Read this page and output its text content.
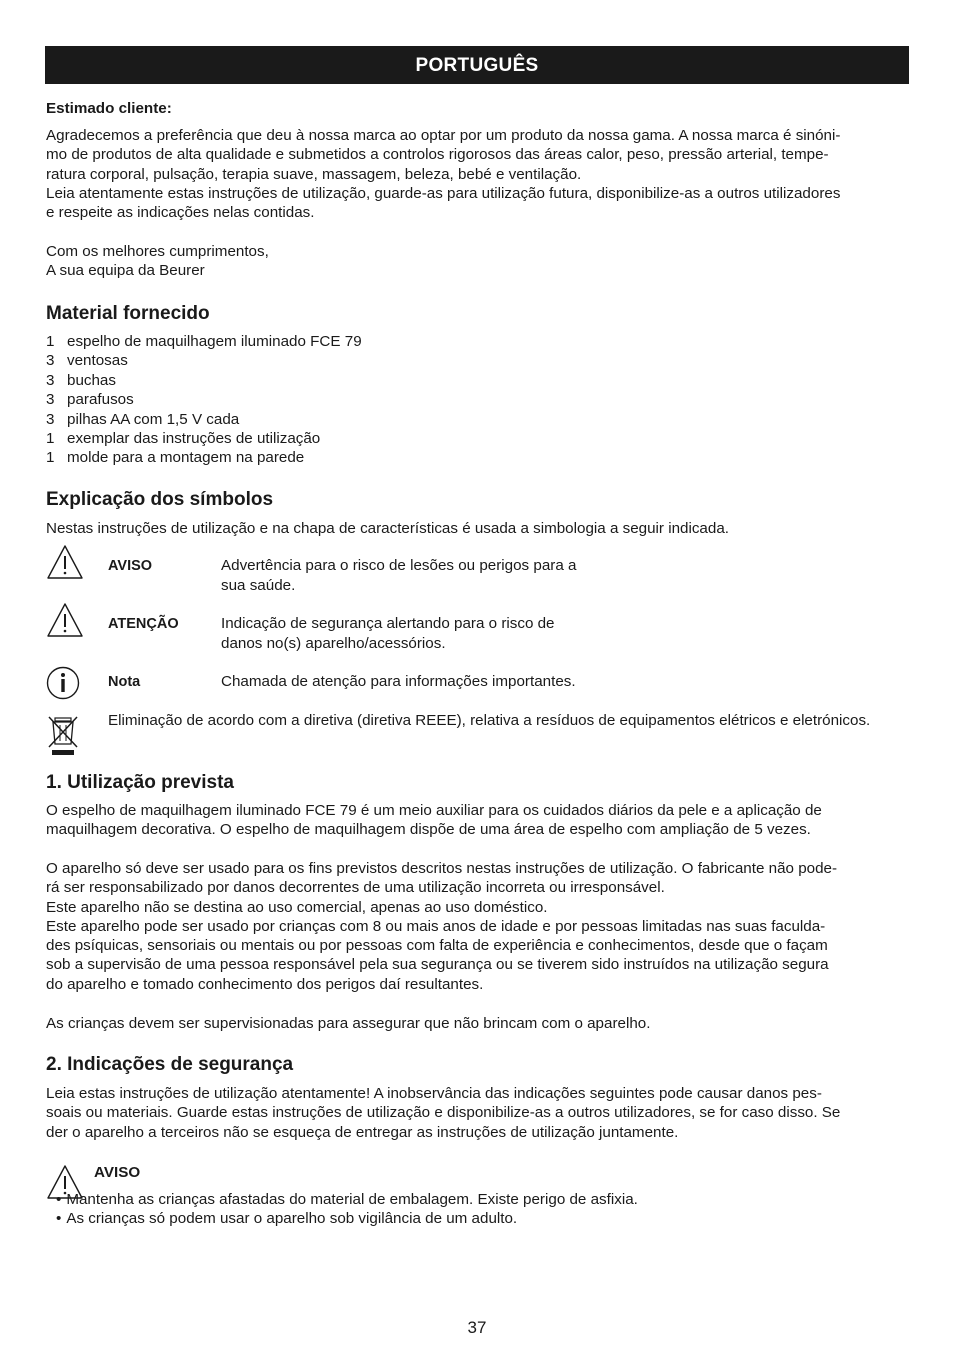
PORTUGUÊS

Estimado cliente:

Agradecemos a preferência que deu à nossa marca ao optar por um produto da nossa gama. A nossa marca é sinóni-
mo de produtos de alta qualidade e submetidos a controlos rigorosos das áreas calor, peso, pressão arterial, tempe-
ratura corporal, pulsação, terapia suave, massagem, beleza, bebé e ventilação.
Leia atentamente estas instruções de utilização, guarde-as para utilização futura, disponibilize-as a outros utilizadores
e respeite as indicações nelas contidas.
Com os melhores cumprimentos,
A sua equipa da Beurer
Material fornecido
1 espelho de maquilhagem iluminado FCE 79
3 ventosas
3 buchas
3 parafusos
3 pilhas AA com 1,5 V cada
1 exemplar das instruções de utilização
1 molde para a montagem na parede
Explicação dos símbolos

Nestas instruções de utilização e na chapa de características é usada a simbologia a seguir indicada.

AVISO	Advertência para o risco de lesões ou perigos para a
sua saúde.
ATENÇÃO	Indicação de segurança alertando para o risco de
danos no(s) aparelho/acessórios.
Nota	Chamada de atenção para informações importantes.
Eliminação de acordo com a diretiva (diretiva REEE), relativa a resíduos de equipamentos elétricos e eletrónicos.
1. Utilização prevista
O espelho de maquilhagem iluminado FCE 79 é um meio auxiliar para os cuidados diários da pele e a aplicação de
maquilhagem decorativa. O espelho de maquilhagem dispõe de uma área de espelho com ampliação de 5 vezes.
O aparelho só deve ser usado para os fins previstos descritos nestas instruções de utilização. O fabricante não pode-
rá ser responsabilizado por danos decorrentes de uma utilização incorreta ou irresponsável.
Este aparelho não se destina ao uso comercial, apenas ao uso doméstico.
Este aparelho pode ser usado por crianças com 8 ou mais anos de idade e por pessoas limitadas nas suas faculda-
des psíquicas, sensoriais ou mentais ou por pessoas com falta de experiência e conhecimentos, desde que o façam
sob a supervisão de uma pessoa responsável pela sua segurança ou se tiverem sido instruídos na utilização segura
do aparelho e tomado conhecimento dos perigos daí resultantes.

As crianças devem ser supervisionadas para assegurar que não brincam com o aparelho.

2. Indicações de segurança
Leia estas instruções de utilização atentamente! A inobservância das indicações seguintes pode causar danos pes-
soais ou materiais. Guarde estas instruções de utilização e disponibilize-as a outros utilizadores, se for caso disso. Se
der o aparelho a terceiros não se esqueça de entregar as instruções de utilização juntamente.
AVISO
• Mantenha as crianças afastadas do material de embalagem. Existe perigo de asfixia.
• As crianças só podem usar o aparelho sob vigilância de um adulto.
37
